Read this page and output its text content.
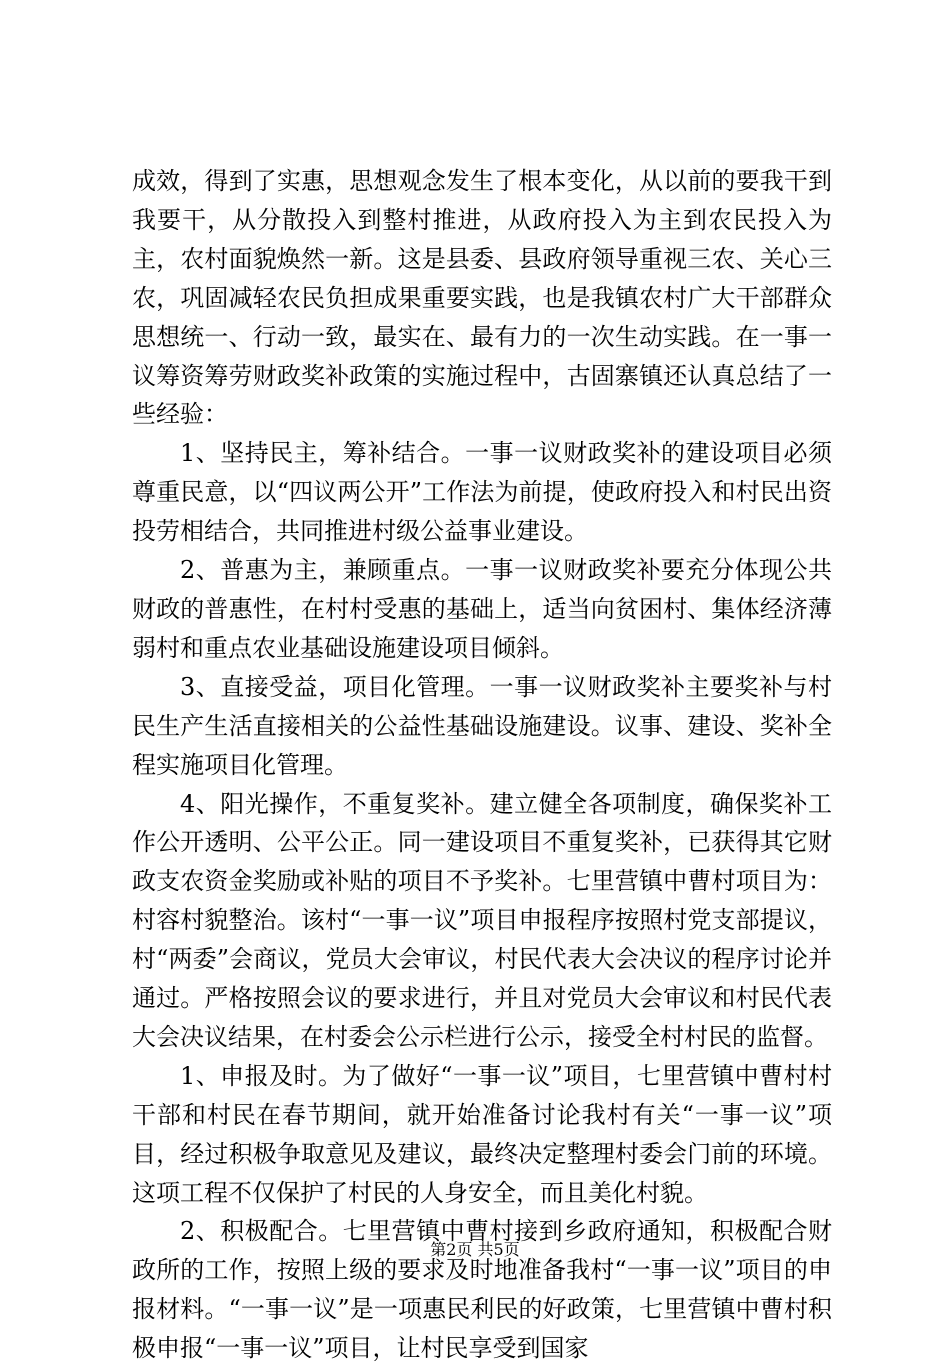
成效，得到了实惠，思想观念发生了根本变化，从以前的要我干到我要干，从分散投入到整村推进，从政府投入为主到农民投入为主，农村面貌焕然一新。这是县委、县政府领导重视三农、关心三农，巩固减轻农民负担成果重要实践，也是我镇农村广大干部群众思想统一、行动一致，最实在、最有力的一次生动实践。在一事一议筹资筹劳财政奖补政策的实施过程中，古固寨镇还认真总结了一些经验：

1、坚持民主，筹补结合。一事一议财政奖补的建设项目必须尊重民意，以“四议两公开”工作法为前提，使政府投入和村民出资投劳相结合，共同推进村级公益事业建设。

2、普惠为主，兼顾重点。一事一议财政奖补要充分体现公共财政的普惠性，在村村受惠的基础上，适当向贫困村、集体经济薄弱村和重点农业基础设施建设项目倾斜。

3、直接受益，项目化管理。一事一议财政奖补主要奖补与村民生产生活直接相关的公益性基础设施建设。议事、建设、奖补全程实施项目化管理。

4、阳光操作，不重复奖补。建立健全各项制度，确保奖补工作公开透明、公平公正。同一建设项目不重复奖补，已获得其它财政支农资金奖励或补贴的项目不予奖补。七里营镇中曹村项目为：村容村貌整治。该村“一事一议”项目申报程序按照村党支部提议，村“两委”会商议，党员大会审议，村民代表大会决议的程序讨论并通过。严格按照会议的要求进行，并且对党员大会审议和村民代表大会决议结果，在村委会公示栏进行公示，接受全村村民的监督。

1、申报及时。为了做好“一事一议”项目，七里营镇中曹村村干部和村民在春节期间，就开始准备讨论我村有关“一事一议”项目，经过积极争取意见及建议，最终决定整理村委会门前的环境。这项工程不仅保护了村民的人身安全，而且美化村貌。

2、积极配合。七里营镇中曹村接到乡政府通知，积极配合财政所的工作，按照上级的要求及时地准备我村“一事一议”项目的申报材料。“一事一议”是一项惠民利民的好政策，七里营镇中曹村积极申报“一事一议”项目，让村民享受到国家

第2页 共5页
